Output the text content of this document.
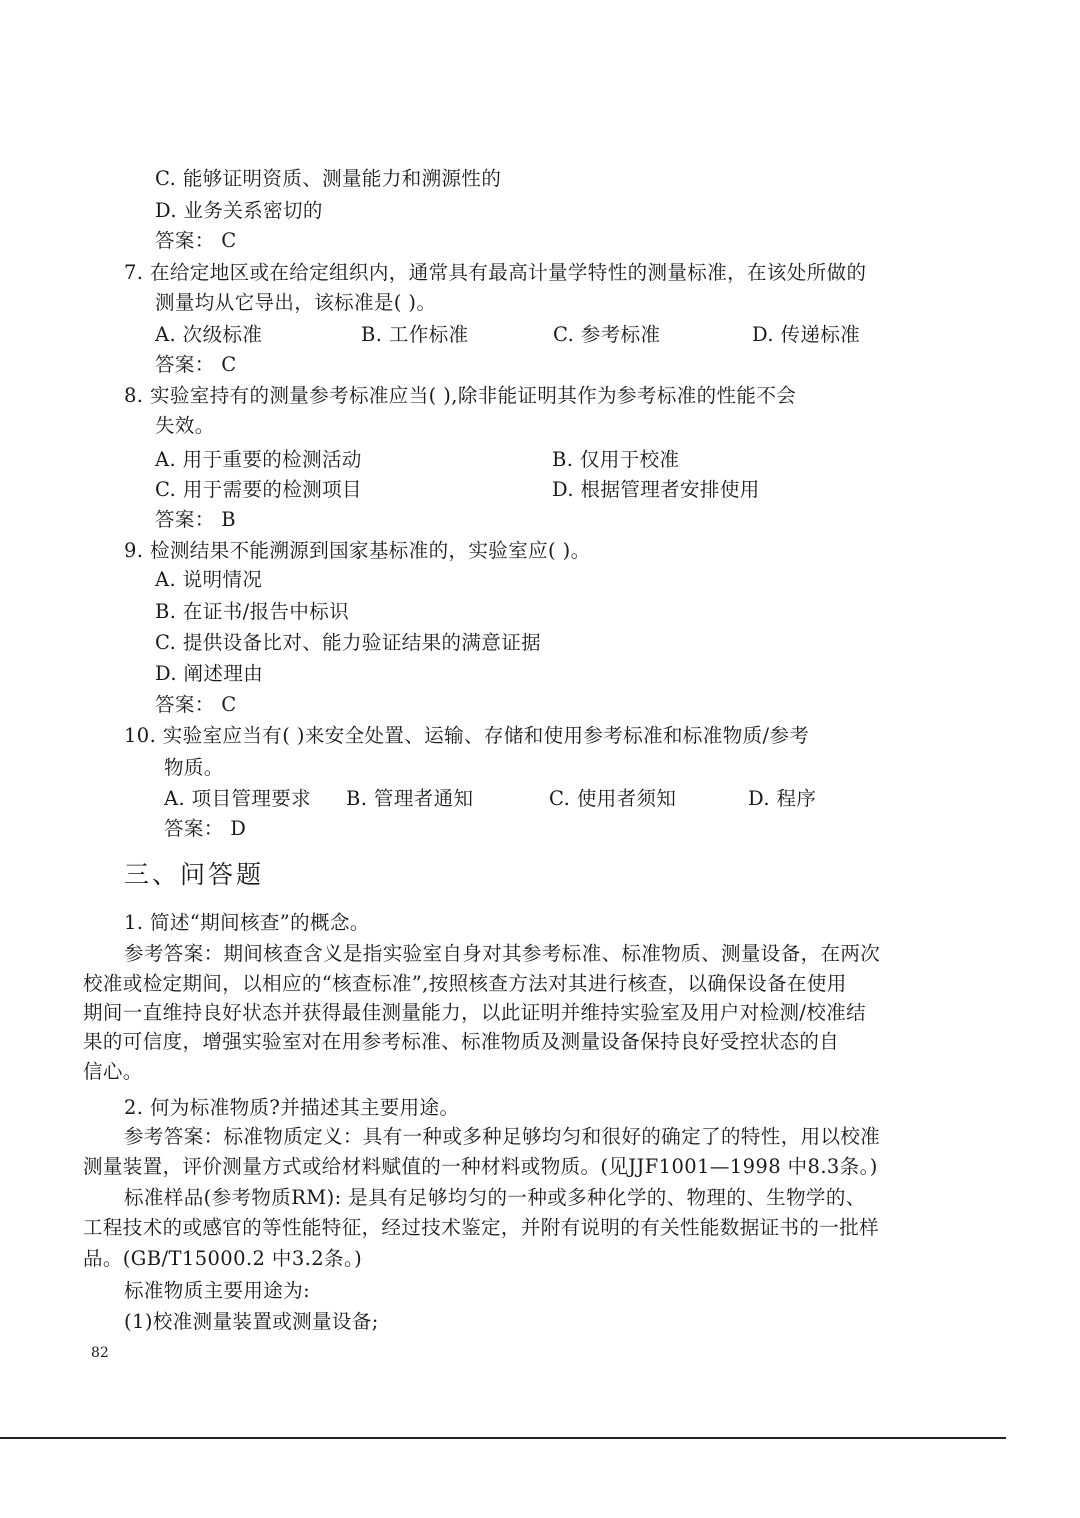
C. 能够证明资质、测量能力和溯源性的
D. 业务关系密切的
答案： C
7. 在给定地区或在给定组织内，通常具有最高计量学特性的测量标准，在该处所做的
测量均从它导出，该标准是( )。
A. 次级标准	B. 工作标准	C. 参考标准	D. 传递标准
答案： C
8. 实验室持有的测量参考标准应当( ),除非能证明其作为参考标准的性能不会
失效。
A. 用于重要的检测活动	B. 仅用于校准
C. 用于需要的检测项目	D. 根据管理者安排使用
答案： B
9. 检测结果不能溯源到国家基标准的，实验室应( )。
A. 说明情况
B. 在证书/报告中标识
C. 提供设备比对、能力验证结果的满意证据
D. 阐述理由
答案： C
10. 实验室应当有( )来安全处置、运输、存储和使用参考标准和标准物质/参考
物质。
A. 项目管理要求 B. 管理者通知	C. 使用者须知	D. 程序
答案： D
三、问答题
1. 简述“期间核查”的概念。
参考答案：期间核查含义是指实验室自身对其参考标准、标准物质、测量设备，在两次
校准或检定期间，以相应的“核查标准”,按照核查方法对其进行核查，以确保设备在使用
期间一直维持良好状态并获得最佳测量能力，以此证明并维持实验室及用户对检测/校准结
果的可信度，增强实验室对在用参考标准、标准物质及测量设备保持良好受控状态的自
信心。
2. 何为标准物质?并描述其主要用途。
参考答案：标准物质定义：具有一种或多种足够均匀和很好的确定了的特性，用以校准
测量装置，评价测量方式或给材料赋值的一种材料或物质。(见JJF1001—1998 中8.3条。)
标准样品(参考物质RM): 是具有足够均匀的一种或多种化学的、物理的、生物学的、
工程技术的或感官的等性能特征，经过技术鉴定，并附有说明的有关性能数据证书的一批样
品。(GB/T15000.2 中3.2条。)
标准物质主要用途为:
(1)校准测量装置或测量设备;
82
